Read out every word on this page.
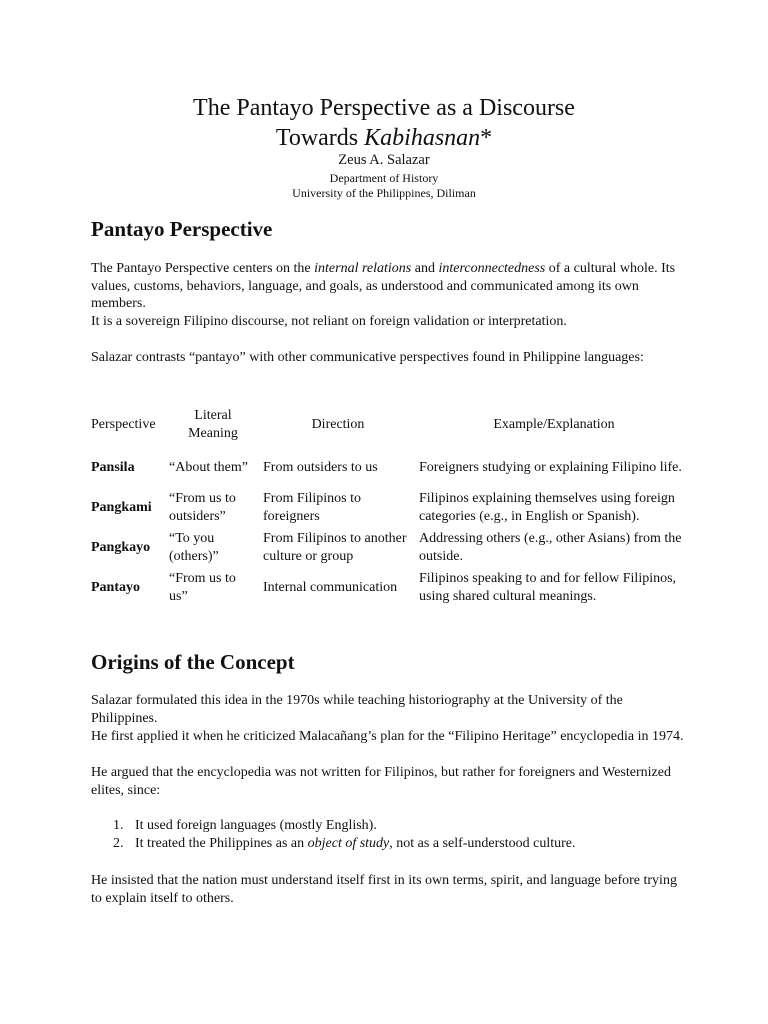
The Pantayo Perspective as a Discourse
Towards Kabihasnan*
Zeus A. Salazar
Department of History
University of the Philippines, Diliman
Pantayo Perspective

The Pantayo Perspective centers on the internal relations and interconnectedness of a cultural whole. Its values, customs, behaviors, language, and goals, as understood and communicated among its own members.

It is a sovereign Filipino discourse, not reliant on foreign validation or interpretation.

Salazar contrasts “pantayo” with other communicative perspectives found in Philippine languages:

Perspective	Literal Meaning	Direction	Example/Explanation
Pansila	“About them”	From outsiders to us	Foreigners studying or explaining Filipino life.
Pangkami	“From us to outsiders”	From Filipinos to foreigners	Filipinos explaining themselves using foreign categories (e.g., in English or Spanish).
Pangkayo	“To you (others)”	From Filipinos to another culture or group	Addressing others (e.g., other Asians) from the outside.
Pantayo	“From us to us”	Internal communication	Filipinos speaking to and for fellow Filipinos, using shared cultural meanings.
Origins of the Concept

Salazar formulated this idea in the 1970s while teaching historiography at the University of the Philippines.

He first applied it when he criticized Malacañang’s plan for the “Filipino Heritage” encyclopedia in 1974.

He argued that the encyclopedia was not written for Filipinos, but rather for foreigners and Westernized elites, since:

1. It used foreign languages (mostly English).
2. It treated the Philippines as an object of study, not as a self-understood culture.

He insisted that the nation must understand itself first in its own terms, spirit, and language before trying to explain itself to others.
